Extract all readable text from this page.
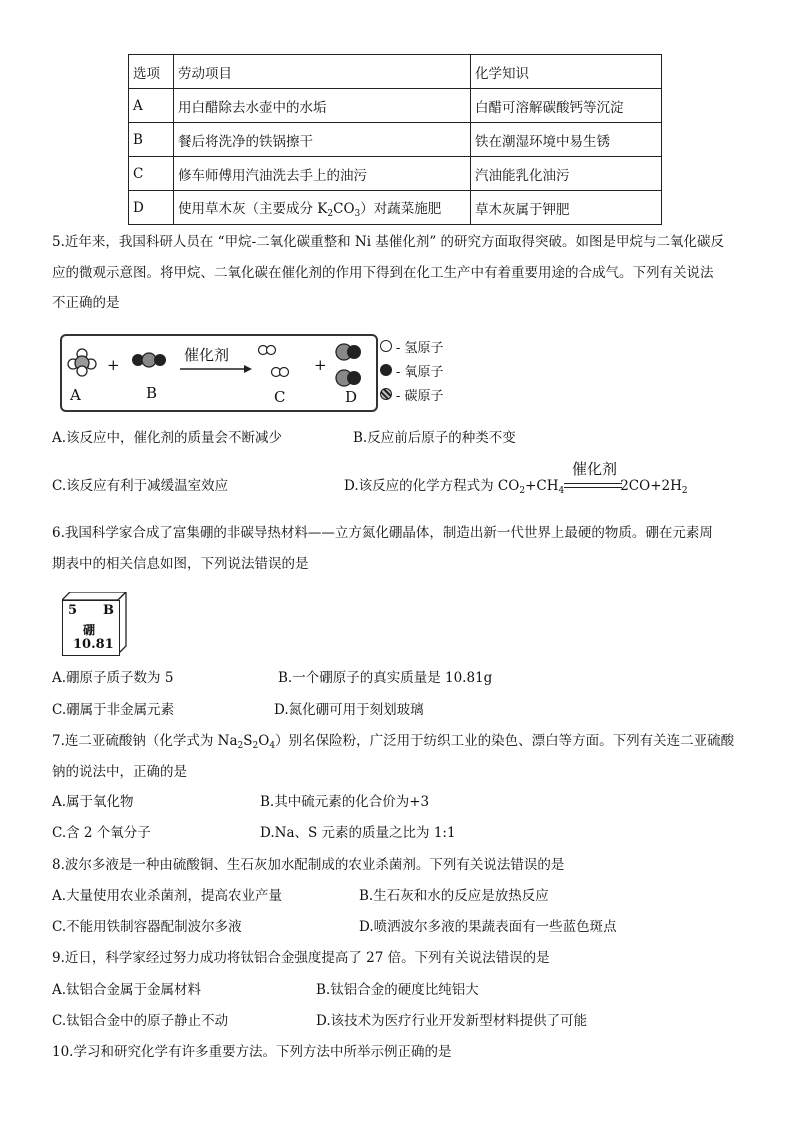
选项	劳动项目	化学知识
A	用白醋除去水壶中的水垢	白醋可溶解碳酸钙等沉淀
B	餐后将洗净的铁锅擦干	铁在潮湿环境中易生锈
C	修车师傅用汽油洗去手上的油污	汽油能乳化油污
D	使用草木灰（主要成分 $K_2CO_3$）对蔬菜施肥	草木灰属于钾肥
5.近年来，我国科研人员在 “甲烷-二氧化碳重整和 Ni 基催化剂” 的研究方面取得突破。如图是甲烷与二氧化碳反
应的微观示意图。将甲烷、二氧化碳在催化剂的作用下得到在化工生产中有着重要用途的合成气。下列有关说法
不正确的是
A
+
B
催化剂
C
+
D
- 氢原子
- 氧原子
- 碳原子
A.该反应中，催化剂的质量会不断减少	B.反应前后原子的种类不变
C.该反应有利于减缓温室效应	D.该反应的化学方程式为 $CO_2+CH_4$	$2CO+2H_2$
催化剂
6.我国科学家合成了富集硼的非碳导热材料——立方氮化硼晶体，制造出新一代世界上最硬的物质。硼在元素周
期表中的相关信息如图，下列说法错误的是
5 B
硼
10.81
A.硼原子质子数为 5	B.一个硼原子的真实质量是 10.81g
C.硼属于非金属元素	D.氮化硼可用于刻划玻璃
7.连二亚硫酸钠（化学式为 $Na_2S_2O_4$）别名保险粉，广泛用于纺织工业的染色、漂白等方面。下列有关连二亚硫酸
钠的说法中，正确的是
A.属于氧化物	B.其中硫元素的化合价为+3
C.含 2 个氧分子	D.Na、S 元素的质量之比为 1:1
8.波尔多液是一种由硫酸铜、生石灰加水配制成的农业杀菌剂。下列有关说法错误的是
A.大量使用农业杀菌剂，提高农业产量	B.生石灰和水的反应是放热反应
C.不能用铁制容器配制波尔多液	D.喷洒波尔多液的果蔬表面有一些蓝色斑点
9.近日，科学家经过努力成功将钛铝合金强度提高了 27 倍。下列有关说法错误的是
A.钛铝合金属于金属材料	B.钛铝合金的硬度比纯铝大
C.钛铝合金中的原子静止不动	D.该技术为医疗行业开发新型材料提供了可能
10.学习和研究化学有许多重要方法。下列方法中所举示例正确的是
